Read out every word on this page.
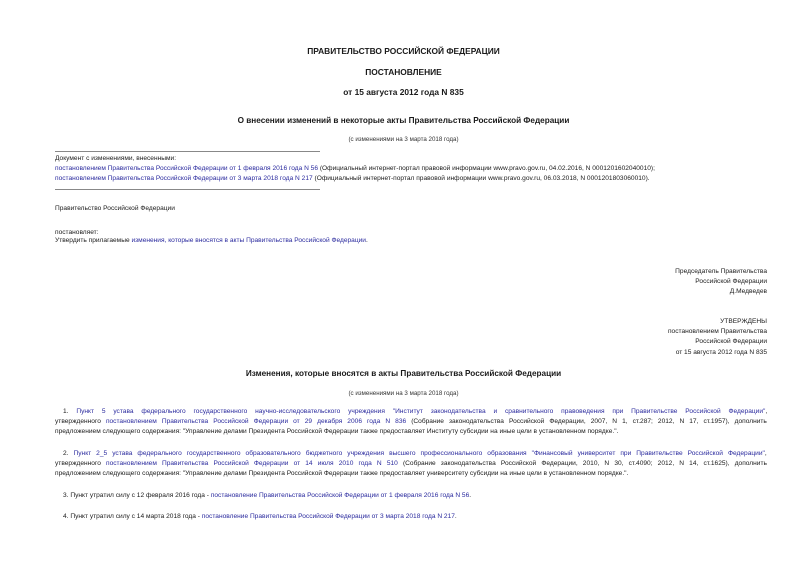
ПРАВИТЕЛЬСТВО РОССИЙСКОЙ ФЕДЕРАЦИИ
ПОСТАНОВЛЕНИЕ
от 15 августа 2012 года N 835
О внесении изменений в некоторые акты Правительства Российской Федерации
(с изменениями на 3 марта 2018 года)
Документ с изменениями, внесенными:
постановлением Правительства Российской Федерации от 1 февраля 2016 года N 56 (Официальный интернет-портал правовой информации www.pravo.gov.ru, 04.02.2016, N 0001201602040010);
постановлением Правительства Российской Федерации от 3 марта 2018 года N 217 (Официальный интернет-портал правовой информации www.pravo.gov.ru, 06.03.2018, N 0001201803060010).
Правительство Российской Федерации
постановляет:
Утвердить прилагаемые изменения, которые вносятся в акты Правительства Российской Федерации.
Председатель Правительства
Российской Федерации
Д.Медведев
УТВЕРЖДЕНЫ
постановлением Правительства
Российской Федерации
от 15 августа 2012 года N 835
Изменения, которые вносятся в акты Правительства Российской Федерации
(с изменениями на 3 марта 2018 года)
1. Пункт 5 устава федерального государственного научно-исследовательского учреждения "Институт законодательства и сравнительного правоведения при Правительстве Российской Федерации",
утвержденного постановлением Правительства Российской Федерации от 29 декабря 2006 года N 836 (Собрание законодательства Российской Федерации, 2007, N 1, ст.287; 2012, N 17, ст.1957), дополнить
предложением следующего содержания: "Управление делами Президента Российской Федерации также предоставляет Институту субсидии на иные цели в установленном порядке.".
2. Пункт 2_5 устава федерального государственного образовательного бюджетного учреждения высшего профессионального образования "Финансовый университет при Правительстве Российской Федерации",
утвержденного постановлением Правительства Российской Федерации от 14 июля 2010 года N 510 (Собрание законодательства Российской Федерации, 2010, N 30, ст.4090; 2012, N 14, ст.1625), дополнить
предложением следующего содержания: "Управление делами Президента Российской Федерации также предоставляет университету субсидии на иные цели в установленном порядке.".
3. Пункт утратил силу с 12 февраля 2016 года - постановление Правительства Российской Федерации от 1 февраля 2016 года N 56.
4. Пункт утратил силу с 14 марта 2018 года - постановление Правительства Российской Федерации от 3 марта 2018 года N 217.
